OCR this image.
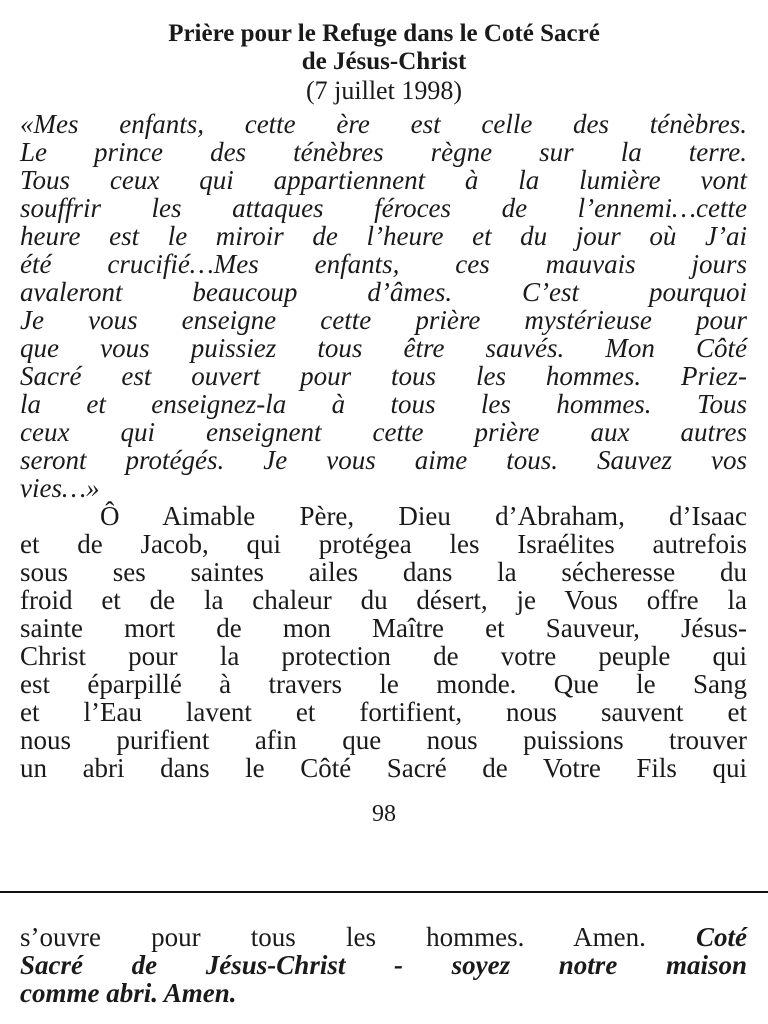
Prière pour le Refuge dans le Coté Sacré
de Jésus-Christ
(7 juillet 1998)
«Mes enfants, cette ère est celle des ténèbres.
Le prince des ténèbres règne sur la terre.
Tous ceux qui appartiennent à la lumière vont
souffrir les attaques féroces de l’ennemi…cette
heure est le miroir de l’heure et du jour où J’ai
été crucifié…Mes enfants, ces mauvais jours
avaleront beaucoup d’âmes. C’est pourquoi
Je vous enseigne cette prière mystérieuse pour
que vous puissiez tous être sauvés. Mon Côté
Sacré est ouvert pour tous les hommes. Priez-
la et enseignez-la à tous les hommes. Tous
ceux qui enseignent cette prière aux autres
seront protégés. Je vous aime tous. Sauvez vos
vies…»
Ô Aimable Père, Dieu d’Abraham, d’Isaac
et de Jacob, qui protégea les Israélites autrefois
sous ses saintes ailes dans la sécheresse du
froid et de la chaleur du désert, je Vous offre la
sainte mort de mon Maître et Sauveur, Jésus-
Christ pour la protection de votre peuple qui
est éparpillé à travers le monde. Que le Sang
et l’Eau lavent et fortifient, nous sauvent et
nous purifient afin que nous puissions trouver
un abri dans le Côté Sacré de Votre Fils qui
98
s’ouvre pour tous les hommes. Amen. Coté
Sacré de Jésus-Christ - soyez notre maison
comme abri. Amen.
